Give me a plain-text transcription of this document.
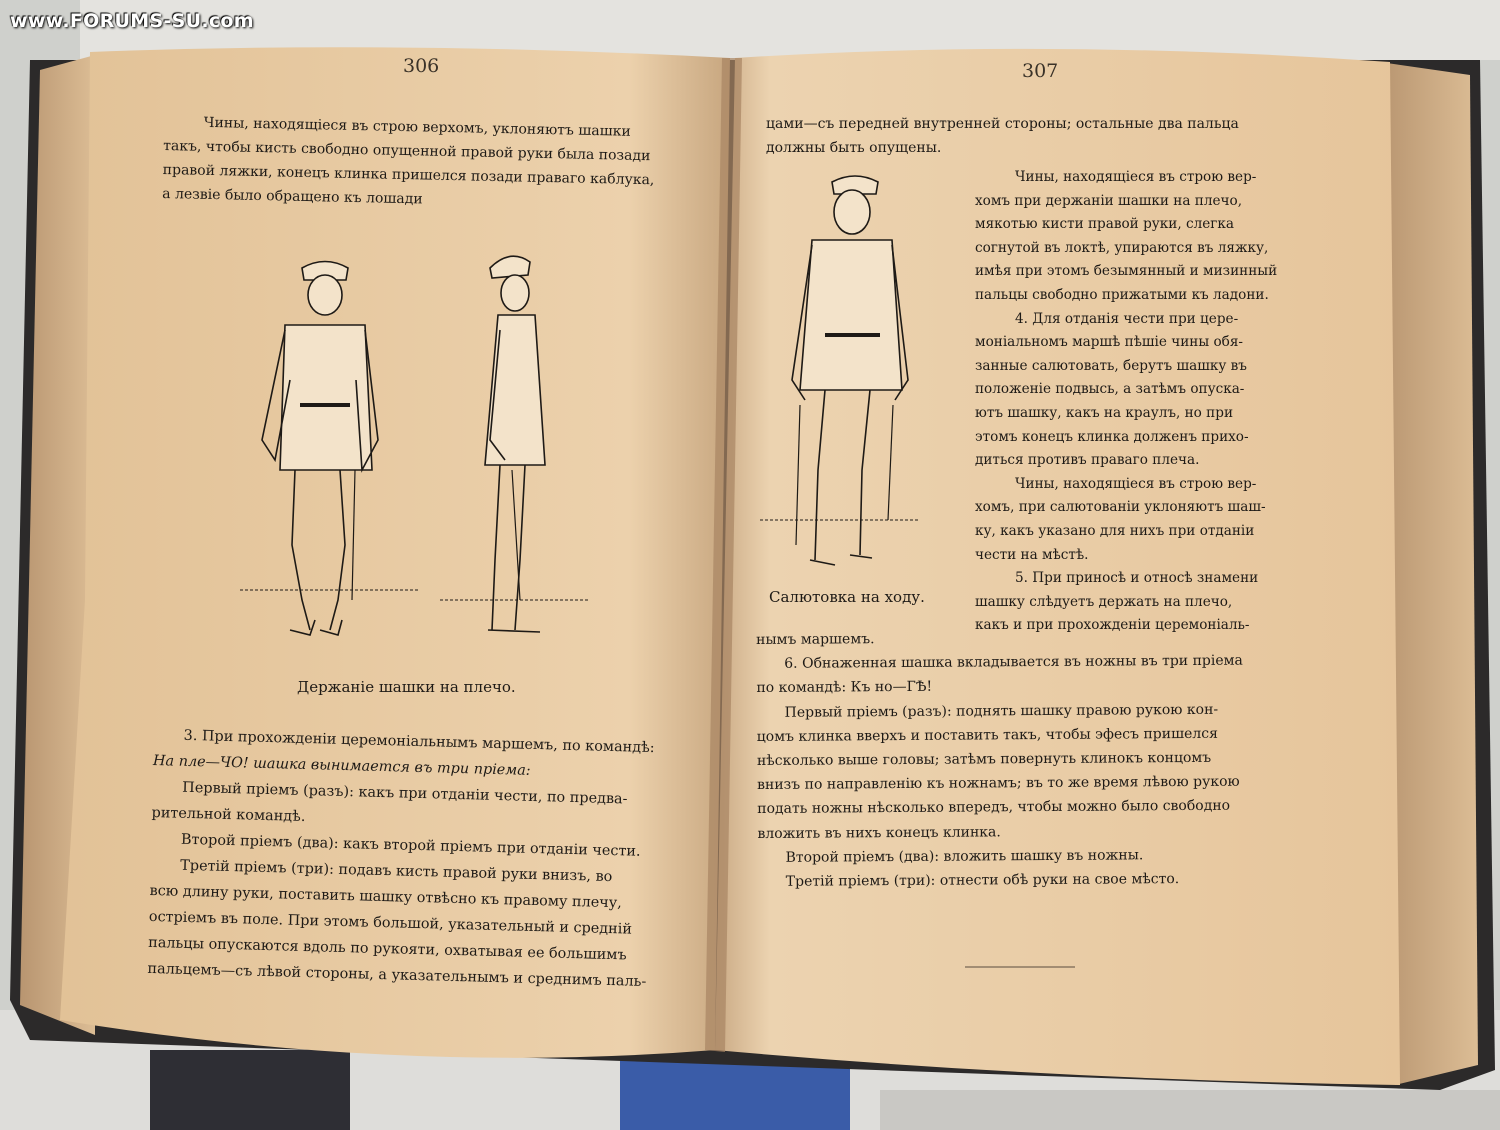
www.FORUMS-SU.com
306
Чины, находящіеся въ строю верхомъ, уклоняютъ шашки
такъ, чтобы кисть свободно опущенной правой руки была позади
правой ляжки, конецъ клинка пришелся позади праваго каблука,
а лезвіе было обращено къ лошади
Держаніе шашки на плечо.
3. При прохожденіи церемоніальнымъ маршемъ, по командѣ:
На пле—ЧО! шашка вынимается въ три пріема:
Первый пріемъ (разъ): какъ при отданіи чести, по предва-
рительной командѣ.
Второй пріемъ (два): какъ второй пріемъ при отданіи чести.
Третій пріемъ (три): подавъ кисть правой руки внизъ, во
всю длину руки, поставить шашку отвѣсно къ правому плечу,
остріемъ въ поле. При этомъ большой, указательный и средній
пальцы опускаются вдоль по рукояти, охватывая ее большимъ
пальцемъ—съ лѣвой стороны, а указательнымъ и среднимъ паль-
307
цами—съ передней внутренней стороны; остальные два пальца
должны быть опущены.
Чины, находящіеся въ строю вер-
хомъ при держаніи шашки на плечо,
мякотью кисти правой руки, слегка
согнутой въ локтѣ, упираются въ ляжку,
имѣя при этомъ безымянный и мизинный
пальцы свободно прижатыми къ ладони.
4. Для отданія чести при цере-
моніальномъ маршѣ пѣшіе чины обя-
занные салютовать, берутъ шашку въ
положеніе подвысь, а затѣмъ опуска-
ютъ шашку, какъ на краулъ, но при
этомъ конецъ клинка долженъ прихо-
диться противъ праваго плеча.
Чины, находящіеся въ строю вер-
хомъ, при салютованіи уклоняютъ шаш-
ку, какъ указано для нихъ при отданіи
чести на мѣстѣ.
5. При приносѣ и относѣ знамени
шашку слѣдуетъ держать на плечо,
какъ и при прохожденіи церемоніаль-
Салютовка на ходу.
нымъ маршемъ.
6. Обнаженная шашка вкладывается въ ножны въ три пріема
по командѣ: Къ но—ГѢ!
Первый пріемъ (разъ): поднять шашку правою рукою кон-
цомъ клинка вверхъ и поставить такъ, чтобы эфесъ пришелся
нѣсколько выше головы; затѣмъ повернуть клинокъ концомъ
внизъ по направленію къ ножнамъ; въ то же время лѣвою рукою
подать ножны нѣсколько впередъ, чтобы можно было свободно
вложить въ нихъ конецъ клинка.
Второй пріемъ (два): вложить шашку въ ножны.
Третій пріемъ (три): отнести обѣ руки на свое мѣсто.
